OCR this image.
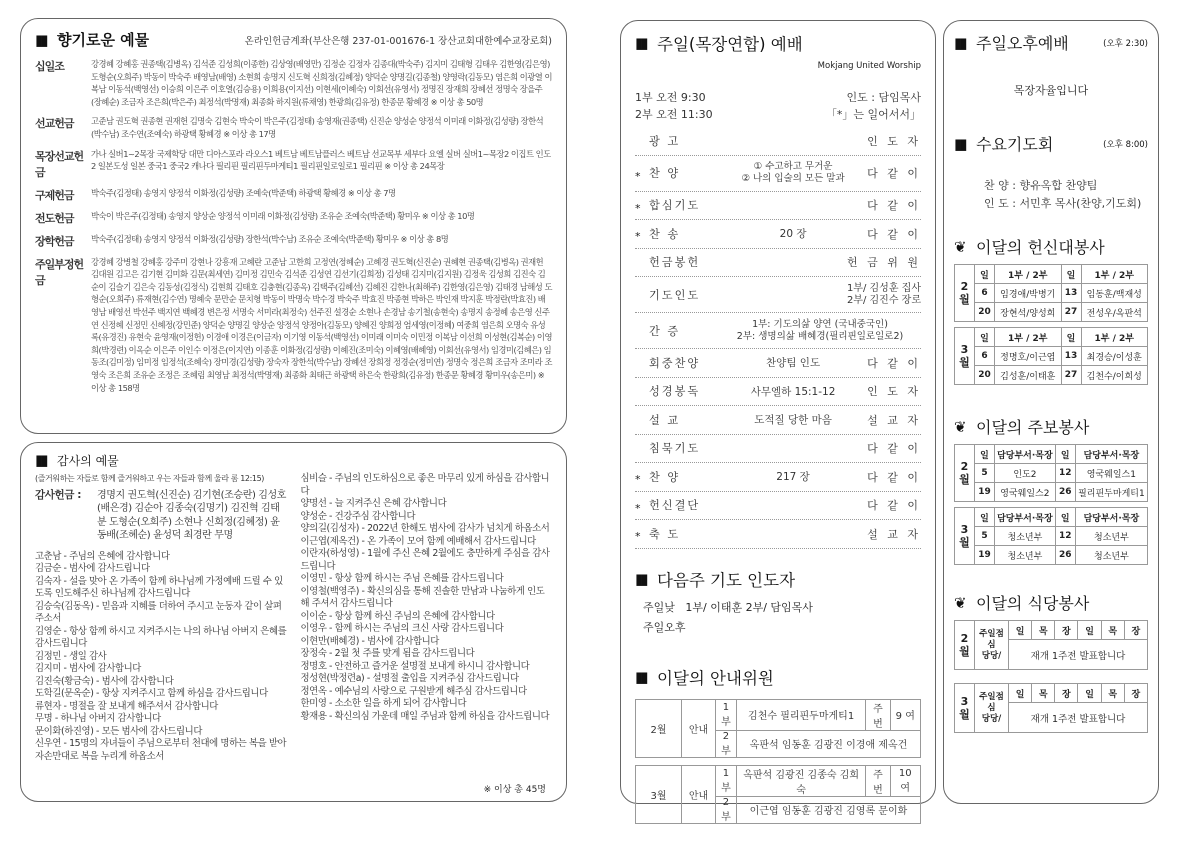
▮▮ 향기로운 예물	온라인헌금계좌(부산은행 237-01-001676-1 장산교회대한예수교장로회)
십일조	강경혜 강혜홍 권종택(김병옥) 김석준 김성희(이종한) 김상영(배영만) 김정순 김정자 김종대(박숙주) 김지미 김태형 김태우 김한영(김은영) 도형순(오희주) 박동이 박숙주 배영남(배영) 소현희 송명지 신도혁 신희정(김혜정) 양덕순 양명길(김종철) 양영락(김동모) 염은희 이광열 이복남 이동석(백영선) 이승희 이은주 이호열(김승용) 이희용(이지선) 이현세(이혜숙) 이회선(유영서) 정명진 장재희 장혜선 정명숙 장을주(장혜순) 조금자 조은희(박은주) 최정석(박명재) 최종화 하지원(류채영) 한광희(김유정) 한종문 황혜경 ※ 이상 총 50명
선교헌금	고준남 권도혁 권종현 권재헌 김명숙 김현숙 박숙이 박은주(김정태) 송영재(권종택) 신진순 양성순 양정석 이미래 이화정(김성량) 장한석(박수남) 조수연(조예숙) 하광택 황혜경 ※ 이상 총 17명
목장선교헌금
가나 실버1~2목장 국제학당 대만 디아스포라 라오스1 베트남 베트남플러스 베트남 선교목부 세부다 요엘 실버 실버1~목장2 이집트 인도2 일본도성 일본 중국1 중국2 캐나다 필리핀 필리핀두마게티1 필리핀일로일로1 필리핀 ※ 이상 총 24목장
구제헌금	박숙주(김정태) 송영지 양정석 이화정(김성량) 조예숙(박준택) 하광택 황혜경 ※ 이상 총 7명
전도헌금	박숙이 박은주(김정태) 송영지 양상순 양정석 이미래 이화정(김성량) 조유순 조예숙(박준택) 황미우 ※ 이상 총 10명
장학헌금	박숙주(김정태) 송영지 양정석 이화정(김성량) 장한석(박수남) 조유순 조예숙(박준택) 황미우 ※ 이상 총 8명
주일부정헌금
강경혜 강병철 강혜홍 강주미 강현나 강흥재 고혜란 고준남 고한희 고정연(정혜순) 고혜경 권도혁(신진순) 권혜현 권종택(김병옥) 권재헌 김대원 김고은 김기현 김미화 김문(최세연) 김미정 김민숙 김석준 김성연 김선기(김희정) 김성태 김지미(김지원) 김정욱 김성희 김진숙 김순이 김슬기 김은숙 김동성(김정식) 김현희 김태호 김충현(김종옥) 김택주(김혜선) 김혜진 김한나(최해주) 김한영(김은영) 김태경 남해성 도형순(오희주) 류재현(김수연) 명혜숙 문만순 문치형 박동이 박명숙 박수경 박숙주 박효진 박종현 박하은 박인재 박지훈 박정란(박효진) 배영남 배영선 박선주 백지연 백혜경 변은정 서명숙 서미라(최정숙) 선주진 설경순 소현나 손경남 송기철(송현숙) 송명지 송정혜 송은영 신주연 신정혜 신정민 신혜정(강민준) 양덕순 양명길 양상순 양정석 양정아(김동모) 양혜진 양희정 엄세영(이정혜) 여중희 염은희 오명숙 유성록(유경진) 유현숙 윤영재(이정헌) 이경애 이경은(이금자) 이기영 이동석(백영선) 이미래 이미숙 이민정 이복남 이선희 이성현(김복순) 이영희(박경련) 이옥순 이은주 이인수 이정은(이지연) 이종훈 이화정(김성량) 이혜진(조미숙) 이혜영(배혜영) 이회선(유영서) 임경미(김혜은) 임동조(김미정) 임미정 임정석(조혜숙) 장미경(김성량) 장숙자 장한석(박수남) 장혜선 장희정 정경순(정미연) 정명숙 정은희 조금자 조미라 조영숙 조은희 조유순 조정은 조혜림 최영남 최정석(박명재) 최종화 최태근 하광택 하은숙 한광희(김유정) 한종문 황혜경 황미우(송은미) ※ 이상 총 158명
▮▮ 감사의 예물
(즐거워하는 자들로 함께 즐거워하고 우는 자들과 함께 울라 롬 12:15)
감사헌금 :	경명지 권도혁(신진순) 김기현(조승란) 김성호(배은경) 김순아 김종숙(김명기) 김진혁 김태분 도형순(오희주) 소현나 신희정(김혜정) 윤동배(조혜순) 윤성덕 최경란 무명
고춘남 - 주님의 은혜에 감사합니다
김금순 - 범사에 감사드립니다
김숙자 - 설을 맞아 온 가족이 함께 하나님께 가정예배 드릴 수 있도록 인도해주신 하나님께 감사드립니다
김승숙(김동옥) - 믿음과 지혜를 더하여 주시고 눈동자 같이 살펴주소서
김영순 - 항상 함께 하시고 지켜주시는 나의 하나님 아버지 은혜를 감사드립니다
김정민 - 생일 감사
김지미 - 범사에 감사합니다
김진숙(황금숙) - 범사에 감사합니다
도학길(문옥순) - 항상 지켜주시고 함께 하심을 감사드립니다
류현자 - 명절을 잘 보내게 해주셔서 감사합니다
무명 - 하나님 아버지 감사합니다
문이화(하진영) - 모든 범사에 감사드립니다
신우연 - 15명의 자녀들이 주님으로부터 천대에 명하는 복을 받아 자손만대로 복을 누리게 하옵소서
심비슬 - 주님의 인도하심으로 좋은 마무리 있게 하심을 감사합니다
양명선 - 늘 지켜주신 은혜 감사합니다
양성순 - 건강주심 감사합니다
양의길(김성자) - 2022년 한해도 범사에 감사가 넘치게 하옵소서
이근엽(제옥건) - 온 가족이 모여 함께 예배해서 감사드립니다
이란자(하성영) - 1월에 주신 은혜 2월에도 충만하게 주심을 감사드립니다
이영민 - 항상 함께 하시는 주님 은혜를 감사드립니다
이영철(백영주) - 확신의심을 통해 진솔한 만남과 나눔하게 인도해 주셔서 감사드립니다
이이순 - 항상 함께 하신 주님의 은혜에 감사합니다
이영우 - 함께 하시는 주님의 크신 사랑 감사드립니다
이현만(배혜경) - 범사에 감사합니다
장정숙 - 2월 첫 주를 맞게 됨을 감사드립니다
정명호 - 안전하고 즐거운 설명절 보내게 하시니 감사합니다
정성현(박정련a) - 설명절 출입을 지켜주심 감사드립니다
정연옥 - 예수님의 사랑으로 구원받게 해주심 감사드립니다
한미영 - 소소한 일을 하게 되어 감사합니다
황재용 - 확신의심 가운데 매일 주님과 함께 하심을 감사드립니다
※ 이상 총 45명
▮▮ 주일(목장연합) 예배
Mokjang United Worship
1부 오전 9:30
2부 오전 11:30
인도 : 담임목사
「*」는 일어서서」
광 고	인 도 자
* 찬 양
① 수고하고 무거운
② 나의 입술의 모든 말과	다 같 이
* 합심기도	다 같 이
* 찬 송	20 장	다 같 이
헌금봉헌	헌 금 위 원
기도인도
1부/ 김성훈 집사
2부/ 김진수 장로
간 증
1부: 기도의삶 양연 (국내중국인)
2부: 생명의삶 배혜경(필리핀일로일로2)
회중찬양	찬양팀 인도	다 같 이
성경봉독	사무엘하 15:1-12	인 도 자
설 교	도적질 당한 마음	설 교 자
침묵기도	다 같 이
* 찬 양	217 장	다 같 이
* 헌신결단	다 같 이
* 축 도	설 교 자
▮▮ 다음주 기도 인도자
주일낮 1부/ 이태훈 2부/ 담임목사
주일오후
▮▮ 이달의 안내위원
2월	안내	1부	김천수 필리핀두마게티1	주번	9 여
		2부	옥판석 임동훈 김광진 이경애 제옥건		

3월	안내	1부	옥판석 김광진 김종숙 김희숙	주번	10 여
		2부	이근엽 임동훈 김광진 김영록 문이화		
▮▮ 주일오후예배	(오후 2:30)
목장자율입니다
▮▮ 수요기도회	(오후 8:00)
찬 양 : 향유옥합 찬양팀
인 도 : 서민후 목사(찬양,기도회)
❦ 이달의 헌신대봉사
2
월	일	1부 / 2부	일	1부 / 2부
	6	임경애/박병기	13	임동훈/백재성
	20	장현석/양성희	27	전성우/옥판석

3
월	일	1부 / 2부	일	1부 / 2부
	6	정명호/이근엽	13	최경승/이성훈
	20	김성훈/이태훈	27	김천수/이희성
❦ 이달의 주보봉사
2
월	일	담당부서·목장	일	담당부서·목장
	5	인도2	12	영국웨일스1
	19	영국웨일스2	26	필리핀두마게티1

3
월	일	담당부서·목장	일	담당부서·목장
	5	청소년부	12	청소년부
	19	청소년부	26	청소년부
❦ 이달의 식당봉사
2
월	주일점심
당당/	일	목	장	일	목	장
		재개 1주전 발표합니다					

3
월	주일점심
당당/	일	목	장	일	목	장
		재개 1주전 발표합니다					
